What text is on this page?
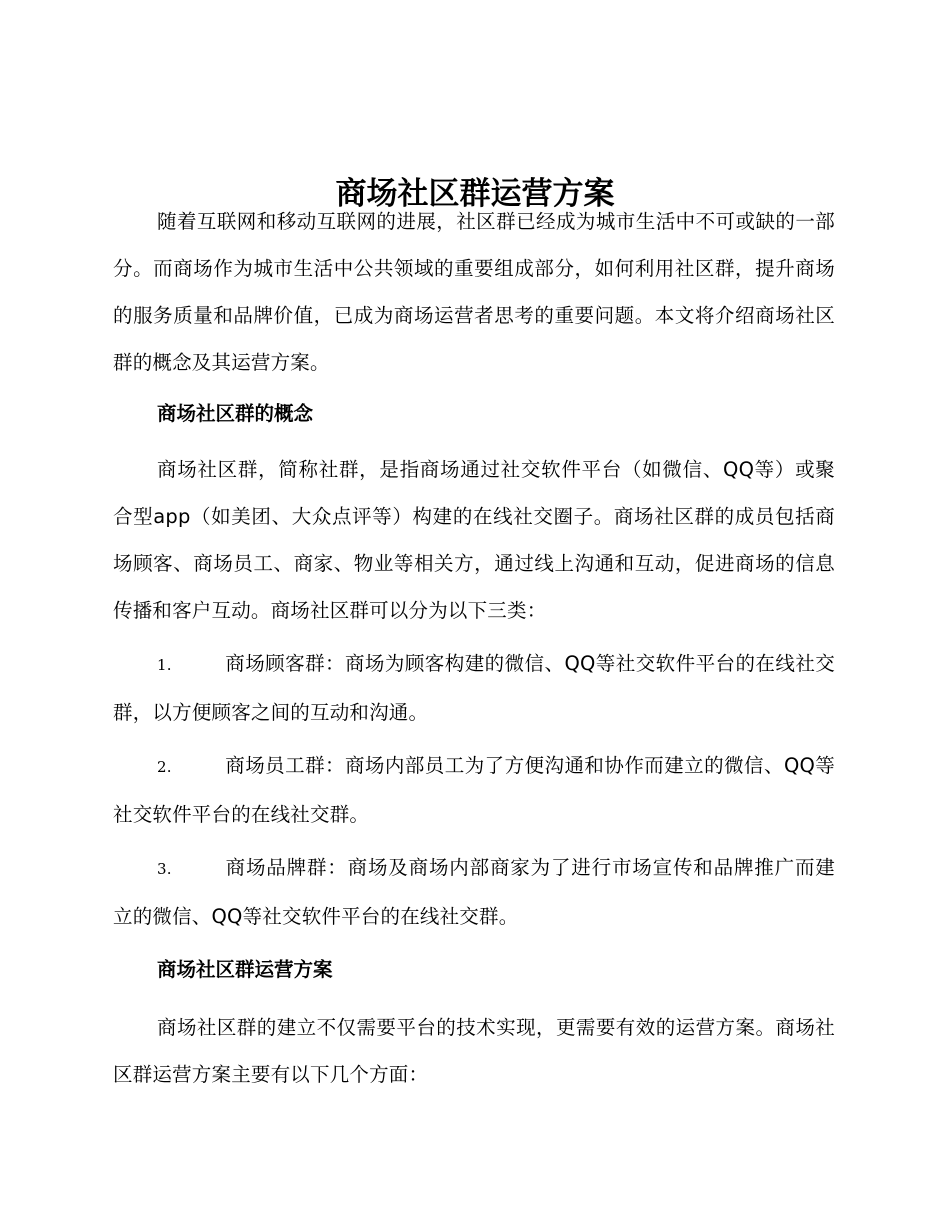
商场社区群运营方案

随着互联网和移动互联网的进展，社区群已经成为城市生活中不可或缺的一部分。而商场作为城市生活中公共领域的重要组成部分，如何利用社区群，提升商场的服务质量和品牌价值，已成为商场运营者思考的重要问题。本文将介绍商场社区群的概念及其运营方案。

商场社区群的概念

商场社区群，简称社群，是指商场通过社交软件平台（如微信、QQ等）或聚合型app（如美团、大众点评等）构建的在线社交圈子。商场社区群的成员包括商场顾客、商场员工、商家、物业等相关方，通过线上沟通和互动，促进商场的信息传播和客户互动。商场社区群可以分为以下三类：

1.	商场顾客群：商场为顾客构建的微信、QQ等社交软件平台的在线社交群，以方便顾客之间的互动和沟通。

2.	商场员工群：商场内部员工为了方便沟通和协作而建立的微信、QQ等社交软件平台的在线社交群。

3.	商场品牌群：商场及商场内部商家为了进行市场宣传和品牌推广而建立的微信、QQ等社交软件平台的在线社交群。

商场社区群运营方案

商场社区群的建立不仅需要平台的技术实现，更需要有效的运营方案。商场社区群运营方案主要有以下几个方面：
